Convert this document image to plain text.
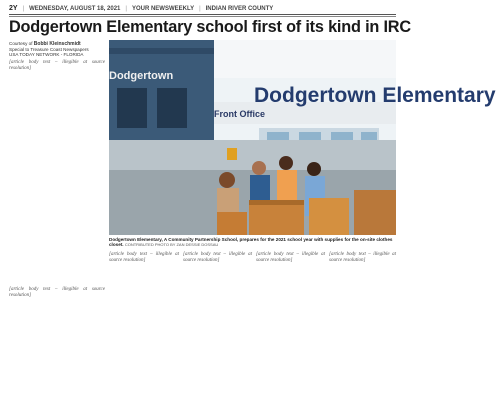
2Y | WEDNESDAY, AUGUST 18, 2021 | YOUR NEWSWEEKLY | INDIAN RIVER COUNTY
Dodgertown Elementary school first of its kind in IRC
Courtesy of Bobbi Kleinschmidt
Special to Treasure Coast Newspapers
USA TODAY NETWORK - FLORIDA

[article body text – illegible at source resolution]

[article body text – illegible at source resolution]

Dodgertown Elementary
Dodgertown
Front Office
Dodgertown Elementary, A Community Partnership School, prepares for the 2021 school year with supplies for the on-site clothes closet. CONTRIBUTED PHOTO BY ZAN DESSIE DOSSAU

[article body text – illegible at source resolution]

[article body text – illegible at source resolution]

[article body text – illegible at source resolution]

[article body text – illegible at source resolution]
